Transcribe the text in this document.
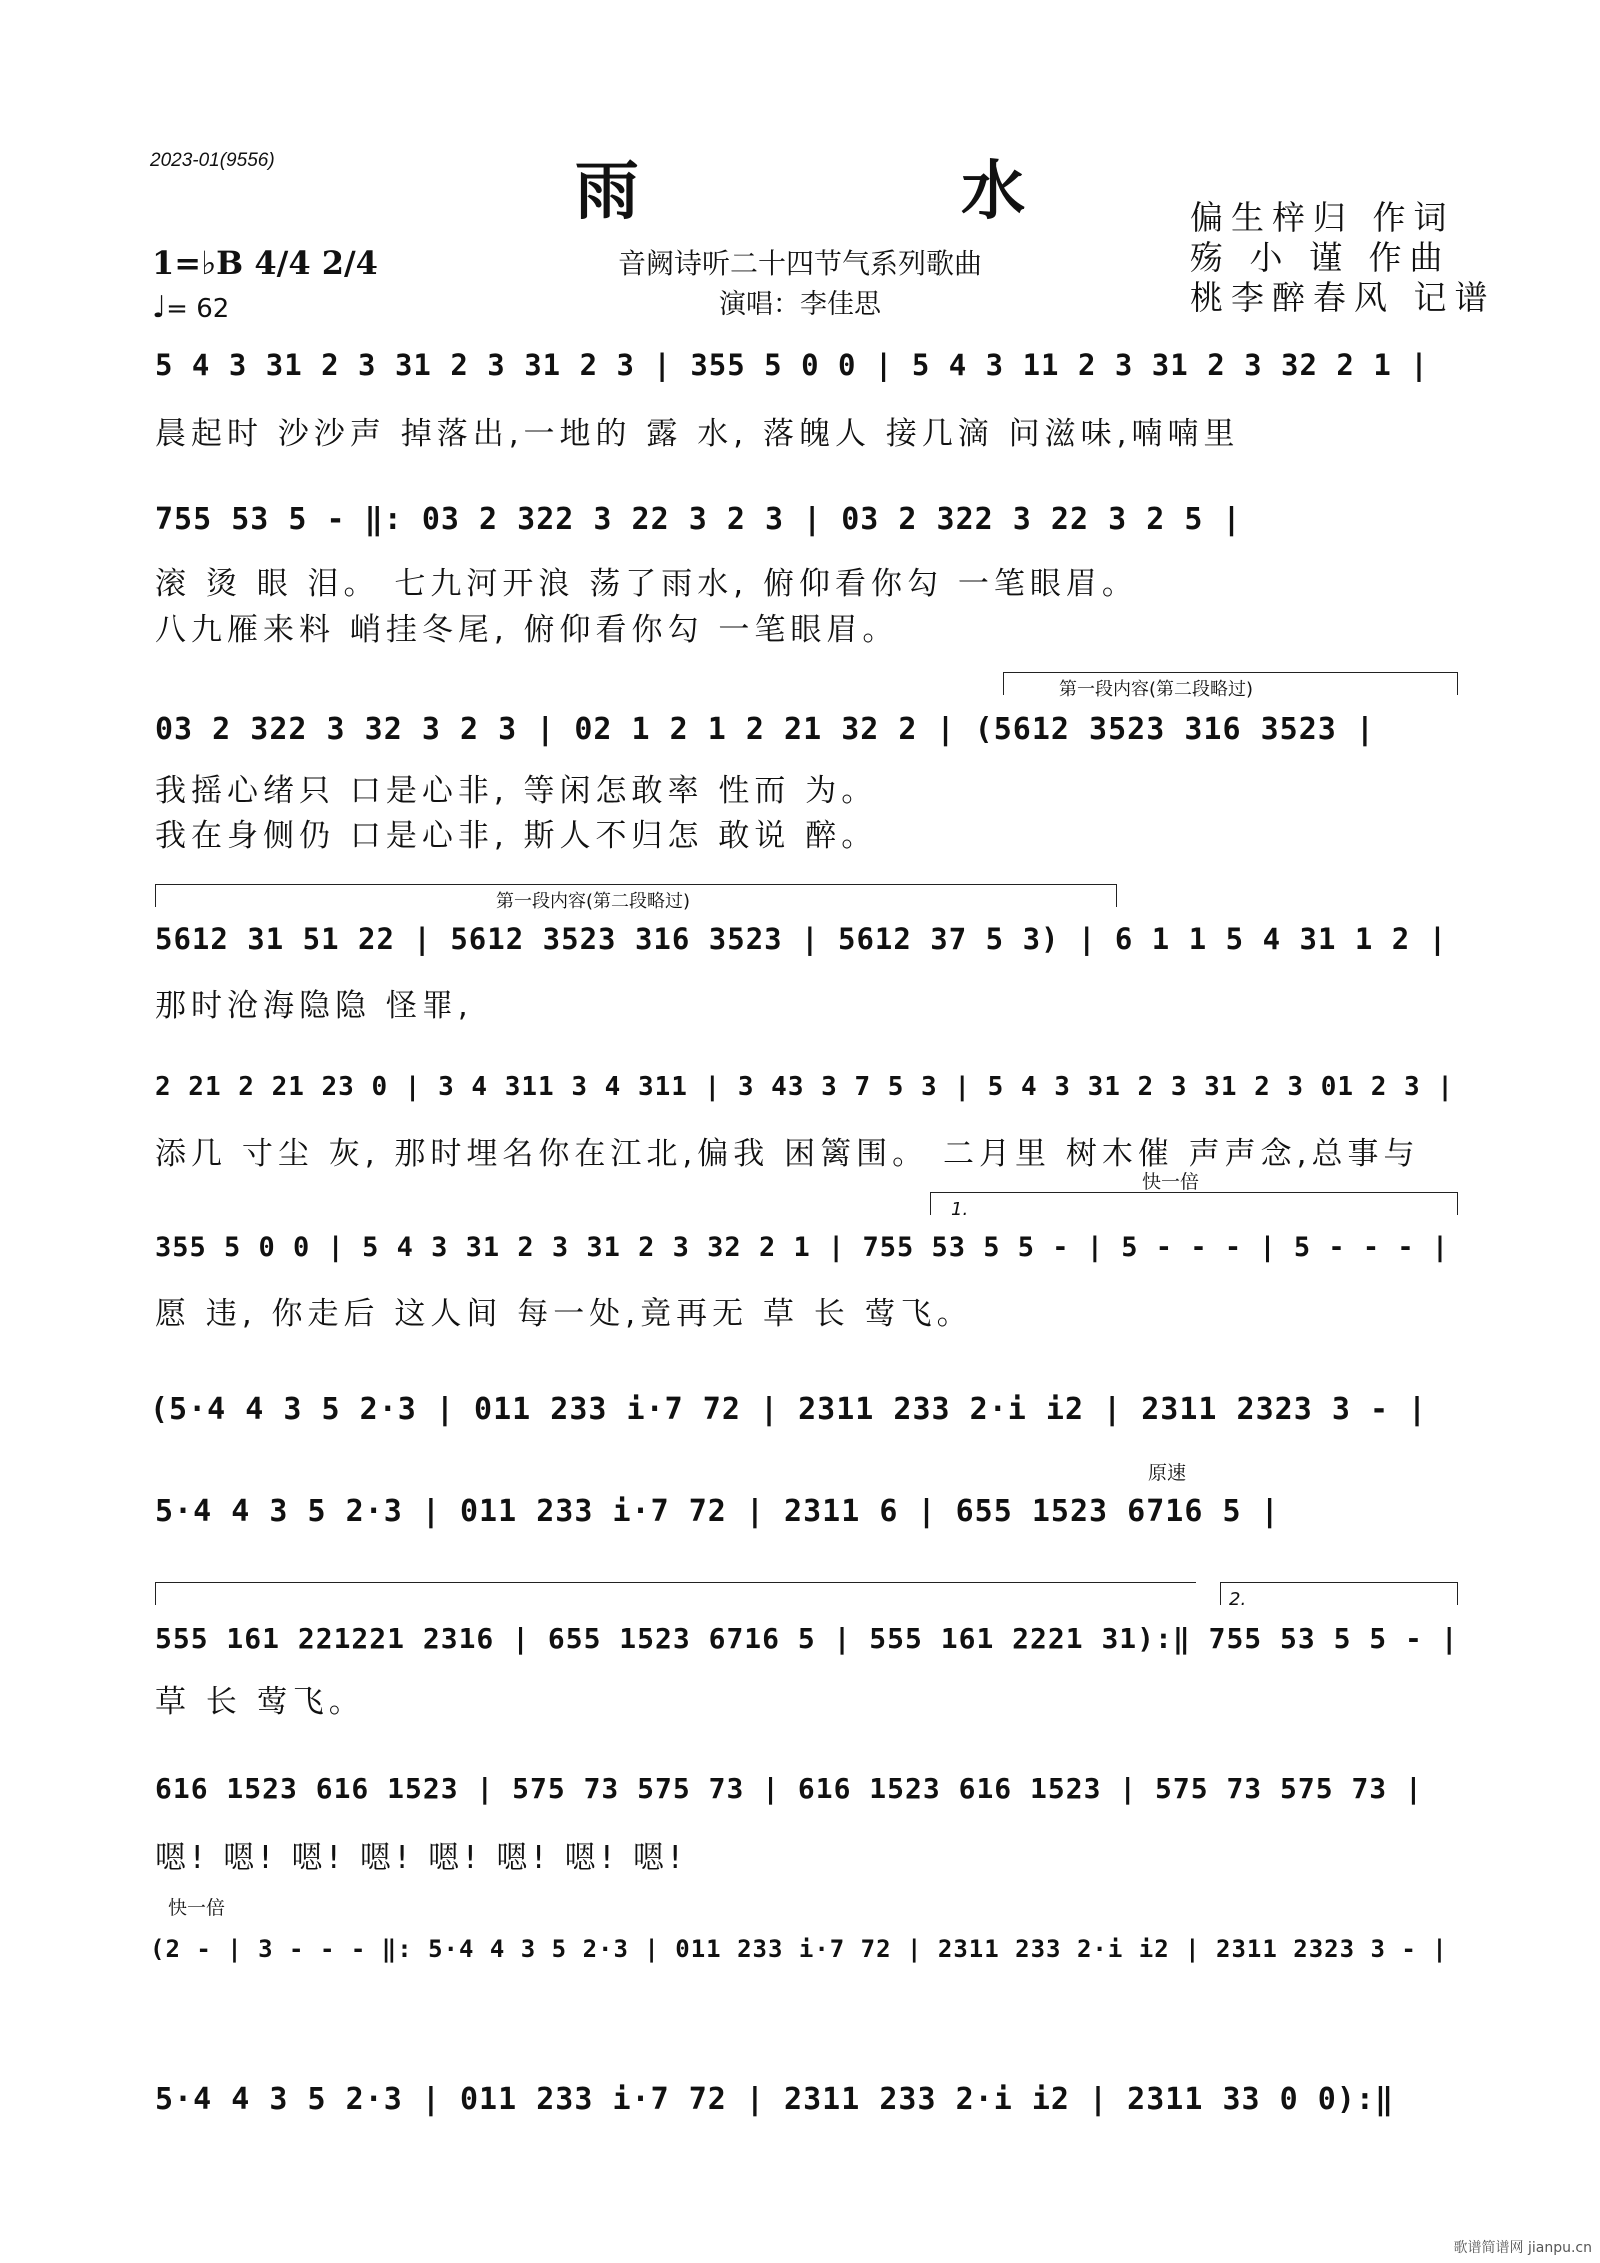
2023-01(9556)	雨 水
音阙诗听二十四节气系列歌曲
演唱：李佳思
偏生梓归 作词
殇 小 谨 作曲
桃李醉春风 记谱
1=♭B 4/4 2/4
♩= 62
5 4 3 31 2 3 31 2 3 31 2 3 | 355 5 0 0 | 5 4 3 11 2 3 31 2 3 32 2 1 |
晨起时 沙沙声 掉落出,一地的 露 水, 落魄人 接几滴 问滋味,喃喃里
755 53 5 - ‖: 03 2 322 3 22 3 2 3 | 03 2 322 3 22 3 2 5 |
滚 烫 眼 泪。 七九河开浪 荡了雨水, 俯仰看你勾 一笔眼眉。
八九雁来料 峭挂冬尾, 俯仰看你勾 一笔眼眉。
第一段内容(第二段略过)
03 2 322 3 32 3 2 3 | 02 1 2 1 2 21 32 2 | (5612 3523 316 3523 |
我摇心绪只 口是心非, 等闲怎敢率 性而 为。
我在身侧仍 口是心非, 斯人不归怎 敢说 醉。
第一段内容(第二段略过)
5612 31 51 22 | 5612 3523 316 3523 | 5612 37 5 3) | 6 1 1 5 4 31 1 2 |
那时沧海隐隐 怪罪,
2 21 2 21 23 0 | 3 4 311 3 4 311 | 3 43 3 7 5 3 | 5 4 3 31 2 3 31 2 3 01 2 3 |
添几 寸尘 灰, 那时埋名你在江北,偏我 困篱围。 二月里 树木催 声声念,总事与
快一倍
1.
355 5 0 0 | 5 4 3 31 2 3 31 2 3 32 2 1 | 755 53 5 5 - | 5 - - - | 5 - - - |
愿 违, 你走后 这人间 每一处,竟再无 草 长 莺飞。
(5·4 4 3 5 2·3 | 011 233 i·7 72 | 2311 233 2·i i2 | 2311 2323 3 - |
原速
5·4 4 3 5 2·3 | 011 233 i·7 72 | 2311 6 | 655 1523 6716 5 |
2.
555 161 221221 2316 | 655 1523 6716 5 | 555 161 2221 31):‖ 755 53 5 5 - |
草 长 莺飞。
616 1523 616 1523 | 575 73 575 73 | 616 1523 616 1523 | 575 73 575 73 |
嗯! 嗯! 嗯! 嗯! 嗯! 嗯! 嗯! 嗯!
快一倍
(2 - | 3 - - - ‖: 5·4 4 3 5 2·3 | 011 233 i·7 72 | 2311 233 2·i i2 | 2311 2323 3 - |
5·4 4 3 5 2·3 | 011 233 i·7 72 | 2311 233 2·i i2 | 2311 33 0 0):‖
歌谱简谱网 jianpu.cn
